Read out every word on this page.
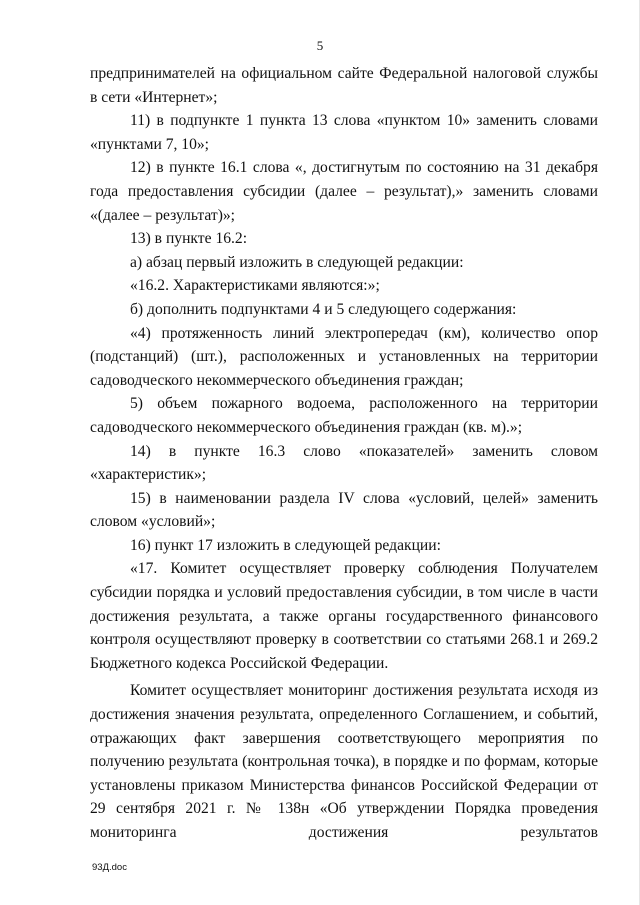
5

предпринимателей на официальном сайте Федеральной налоговой службы в сети «Интернет»;

11) в подпункте 1 пункта 13 слова «пунктом 10» заменить словами «пунктами 7, 10»;

12) в пункте 16.1 слова «, достигнутым по состоянию на 31 декабря года предоставления субсидии (далее – результат),» заменить словами «(далее – результат)»;

13) в пункте 16.2:

а) абзац первый изложить в следующей редакции:

«16.2. Характеристиками являются:»;

б) дополнить подпунктами 4 и 5 следующего содержания:

«4) протяженность линий электропередач (км), количество опор (подстанций) (шт.), расположенных и установленных на территории садоводческого некоммерческого объединения граждан;

5) объем пожарного водоема, расположенного на территории садоводческого некоммерческого объединения граждан (кв. м).»;

14) в пункте 16.3 слово «показателей» заменить словом «характеристик»;

15) в наименовании раздела IV слова «условий, целей» заменить словом «условий»;

16) пункт 17 изложить в следующей редакции:

«17. Комитет осуществляет проверку соблюдения Получателем субсидии порядка и условий предоставления субсидии, в том числе в части достижения результата, а также органы государственного финансового контроля осуществляют проверку в соответствии со статьями 268.1 и 269.2 Бюджетного кодекса Российской Федерации.

Комитет осуществляет мониторинг достижения результата исходя из достижения значения результата, определенного Соглашением, и событий, отражающих факт завершения соответствующего мероприятия по получению результата (контрольная точка), в порядке и по формам, которые установлены приказом Министерства финансов Российской Федерации от 29 сентября 2021 г. № 138н «Об утверждении Порядка проведения мониторинга достижения результатов

93Д.doc
